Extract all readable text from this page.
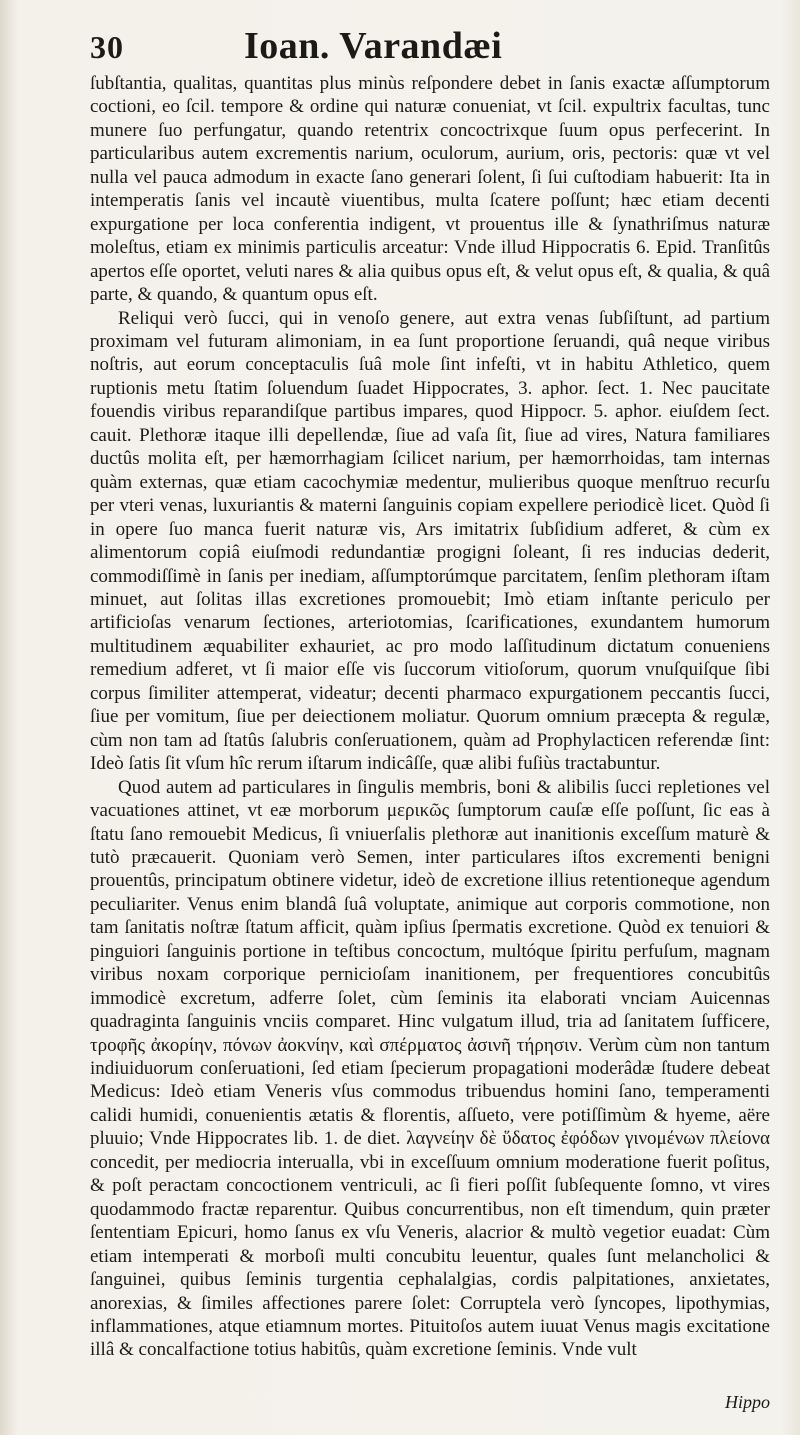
30	Ioan. Varandæi

ſubſtantia, qualitas, quantitas plus minùs reſpondere debet in ſanis exactæ aſſumptorum coctioni, eo ſcil. tempore & ordine qui naturæ conueniat, vt ſcil. expultrix facultas, tunc munere ſuo perfungatur, quando retentrix concoctrixque ſuum opus perfecerint. In particularibus autem excrementis narium, oculorum, aurium, oris, pectoris: quæ vt vel nulla vel pauca admodum in exacte ſano generari ſolent, ſi ſui cuſtodiam habuerit: Ita in intemperatis ſanis vel incautè viuentibus, multa ſcatere poſſunt; hæc etiam decenti expurgatione per loca conferentia indigent, vt prouentus ille & ſynathriſmus naturæ moleſtus, etiam ex minimis particulis arceatur: Vnde illud Hippocratis 6. Epid. Tranſitûs apertos eſſe oportet, veluti nares & alia quibus opus eſt, & velut opus eſt, & qualia, & quâ parte, & quando, & quantum opus eſt.

Reliqui verò ſucci, qui in venoſo genere, aut extra venas ſubſiſtunt, ad partium proximam vel futuram alimoniam, in ea ſunt proportione ſeruandi, quâ neque viribus noſtris, aut eorum conceptaculis ſuâ mole ſint infeſti, vt in habitu Athletico, quem ruptionis metu ſtatim ſoluendum ſuadet Hippocrates, 3. aphor. ſect. 1. Nec paucitate fouendis viribus reparandiſque partibus impares, quod Hippocr. 5. aphor. eiuſdem ſect. cauit. Plethoræ itaque illi depellendæ, ſiue ad vaſa ſit, ſiue ad vires, Natura familiares ductûs molita eſt, per hæmorrhagiam ſcilicet narium, per hæmorrhoidas, tam internas quàm externas, quæ etiam cacochymiæ medentur, mulieribus quoque menſtruo recurſu per vteri venas, luxuriantis & materni ſanguinis copiam expellere periodicè licet. Quòd ſi in opere ſuo manca fuerit naturæ vis, Ars imitatrix ſubſidium adferet, & cùm ex alimentorum copiâ eiuſmodi redundantiæ progigni ſoleant, ſi res inducias dederit, commodiſſimè in ſanis per inediam, aſſumptorúmque parcitatem, ſenſim plethoram iſtam minuet, aut ſolitas illas excretiones promouebit; Imò etiam inſtante periculo per artificioſas venarum ſectiones, arteriotomias, ſcarificationes, exundantem humorum multitudinem æquabiliter exhauriet, ac pro modo laſſitudinum dictatum conueniens remedium adferet, vt ſi maior eſſe vis ſuccorum vitioſorum, quorum vnuſquiſque ſibi corpus ſimiliter attemperat, videatur; decenti pharmaco expurgationem peccantis ſucci, ſiue per vomitum, ſiue per deiectionem moliatur. Quorum omnium præcepta & regulæ, cùm non tam ad ſtatûs ſalubris conſeruationem, quàm ad Prophylacticen referendæ ſint: Ideò ſatis ſit vſum hîc rerum iſtarum indicâſſe, quæ alibi fuſiùs tractabuntur.

Quod autem ad particulares in ſingulis membris, boni & alibilis ſucci repletiones vel vacuationes attinet, vt eæ morborum μερικῶς ſumptorum cauſæ eſſe poſſunt, ſic eas à ſtatu ſano remouebit Medicus, ſi vniuerſalis plethoræ aut inanitionis exceſſum maturè & tutò præcauerit. Quoniam verò Semen, inter particulares iſtos excrementi benigni prouentûs, principatum obtinere videtur, ideò de excretione illius retentioneque agendum peculiariter. Venus enim blandâ ſuâ voluptate, animique aut corporis commotione, non tam ſanitatis noſtræ ſtatum afficit, quàm ipſius ſpermatis excretione. Quòd ex tenuiori & pinguiori ſanguinis portione in teſtibus concoctum, multóque ſpiritu perfuſum, magnam viribus noxam corporique pernicioſam inanitionem, per frequentiores concubitûs immodicè excretum, adferre ſolet, cùm ſeminis ita elaborati vnciam Auicennas quadraginta ſanguinis vnciis comparet. Hinc vulgatum illud, tria ad ſanitatem ſufficere, τροφῆς ἀκορίην, πόνων ἀοκνίην, καὶ σπέρματος ἀσινῆ τήρησιν. Verùm cùm non tantum indiuiduorum conſeruationi, ſed etiam ſpecierum propagationi moderâdæ ſtudere debeat Medicus: Ideò etiam Veneris vſus commodus tribuendus homini ſano, temperamenti calidi humidi, conuenientis ætatis & florentis, aſſueto, vere potiſſimùm & hyeme, aëre pluuio; Vnde Hippocrates lib. 1. de diet. λαγνείην δὲ ὕδατος ἐφόδων γινομένων πλείονα concedit, per mediocria interualla, vbi in exceſſuum omnium moderatione fuerit poſitus, & poſt peractam concoctionem ventriculi, ac ſi fieri poſſit ſubſequente ſomno, vt vires quodammodo fractæ reparentur. Quibus concurrentibus, non eſt timendum, quin præter ſententiam Epicuri, homo ſanus ex vſu Veneris, alacrior & multò vegetior euadat: Cùm etiam intemperati & morboſi multi concubitu leuentur, quales ſunt melancholici & ſanguinei, quibus ſeminis turgentia cephalalgias, cordis palpitationes, anxietates, anorexias, & ſimiles affectiones parere ſolet: Corruptela verò ſyncopes, lipothymias, inflammationes, atque etiamnum mortes. Pituitoſos autem iuuat Venus magis excitatione illâ & concalfactione totius habitûs, quàm excretione ſeminis. Vnde vult

Hippo
